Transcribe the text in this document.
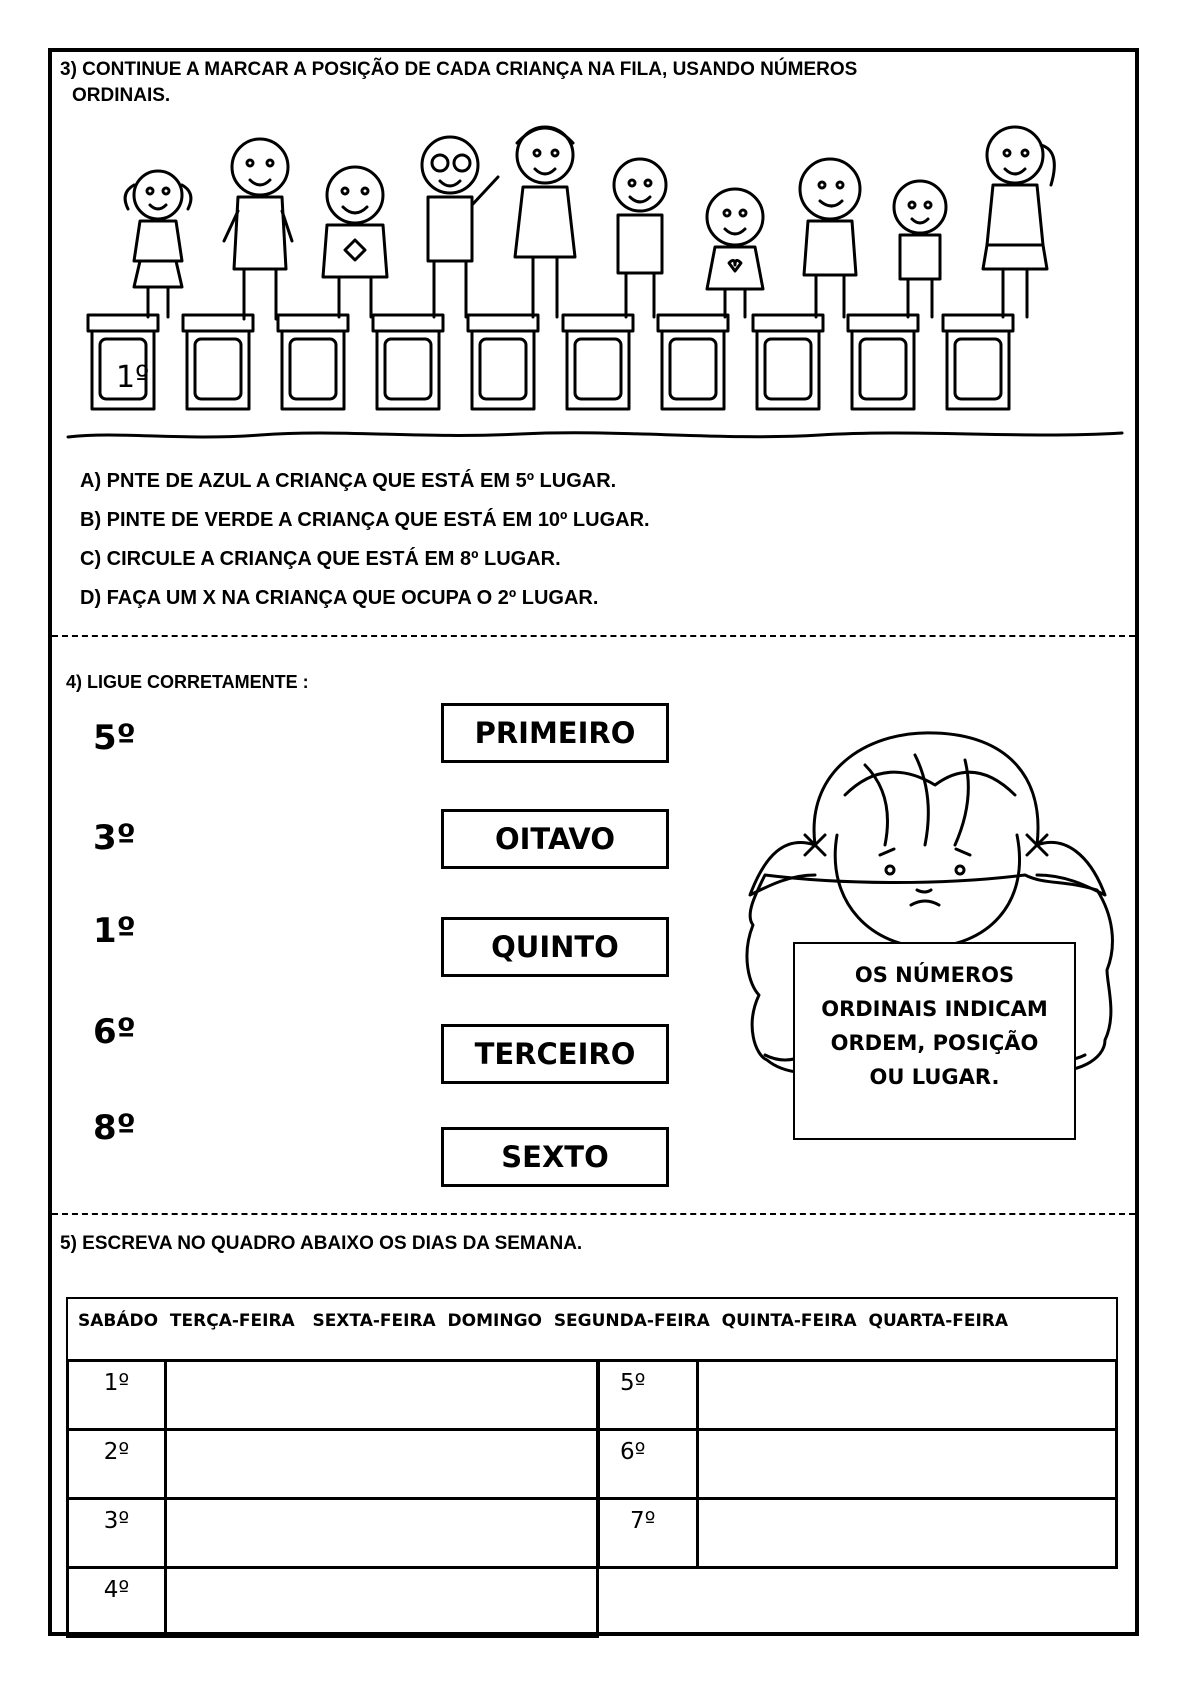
3) CONTINUE A MARCAR A POSIÇÃO DE CADA CRIANÇA NA FILA, USANDO NÚMEROS
ORDINAIS.
1º
A) PNTE DE AZUL A CRIANÇA QUE ESTÁ EM 5º LUGAR.
B) PINTE DE VERDE A CRIANÇA QUE ESTÁ EM 10º LUGAR.
C) CIRCULE A CRIANÇA QUE ESTÁ EM 8º LUGAR.
D) FAÇA UM X NA CRIANÇA QUE OCUPA O 2º LUGAR.
4) LIGUE CORRETAMENTE :
5º
3º
1º
6º
8º
PRIMEIRO
OITAVO
QUINTO
TERCEIRO
SEXTO
OS NÚMEROS
ORDINAIS INDICAM
ORDEM, POSIÇÃO
OU LUGAR.
5) ESCREVA NO QUADRO ABAIXO OS DIAS DA SEMANA.
SABÁDO  TERÇA-FEIRA   SEXTA-FEIRA  DOMINGO  SEGUNDA-FEIRA  QUINTA-FEIRA  QUARTA-FEIRA
1º	
2º	
3º	
4º	
5º	
6º	
7º	
